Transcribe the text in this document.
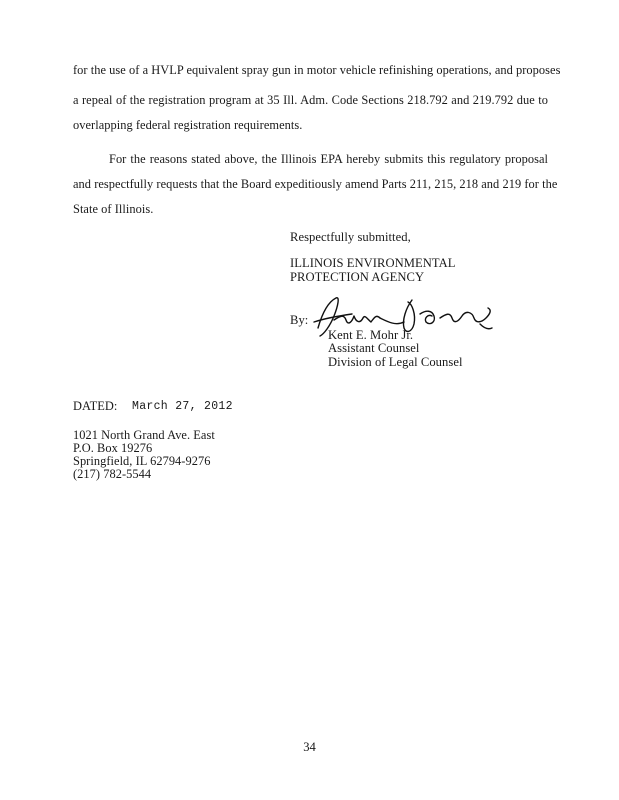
for the use of a HVLP equivalent spray gun in motor vehicle refinishing operations, and proposes
a repeal of the registration program at 35 Ill. Adm. Code Sections 218.792 and 219.792 due to
overlapping federal registration requirements.
For the reasons stated above, the Illinois EPA hereby submits this regulatory proposal
and respectfully requests that the Board expeditiously amend Parts 211, 215, 218 and 219 for the
State of Illinois.
Respectfully submitted,
ILLINOIS ENVIRONMENTAL
PROTECTION AGENCY
By:
Kent E. Mohr Jr.
Assistant Counsel
Division of Legal Counsel
DATED: March 27, 2012
1021 North Grand Ave. East
P.O. Box 19276
Springfield, IL 62794-9276
(217) 782-5544
34
